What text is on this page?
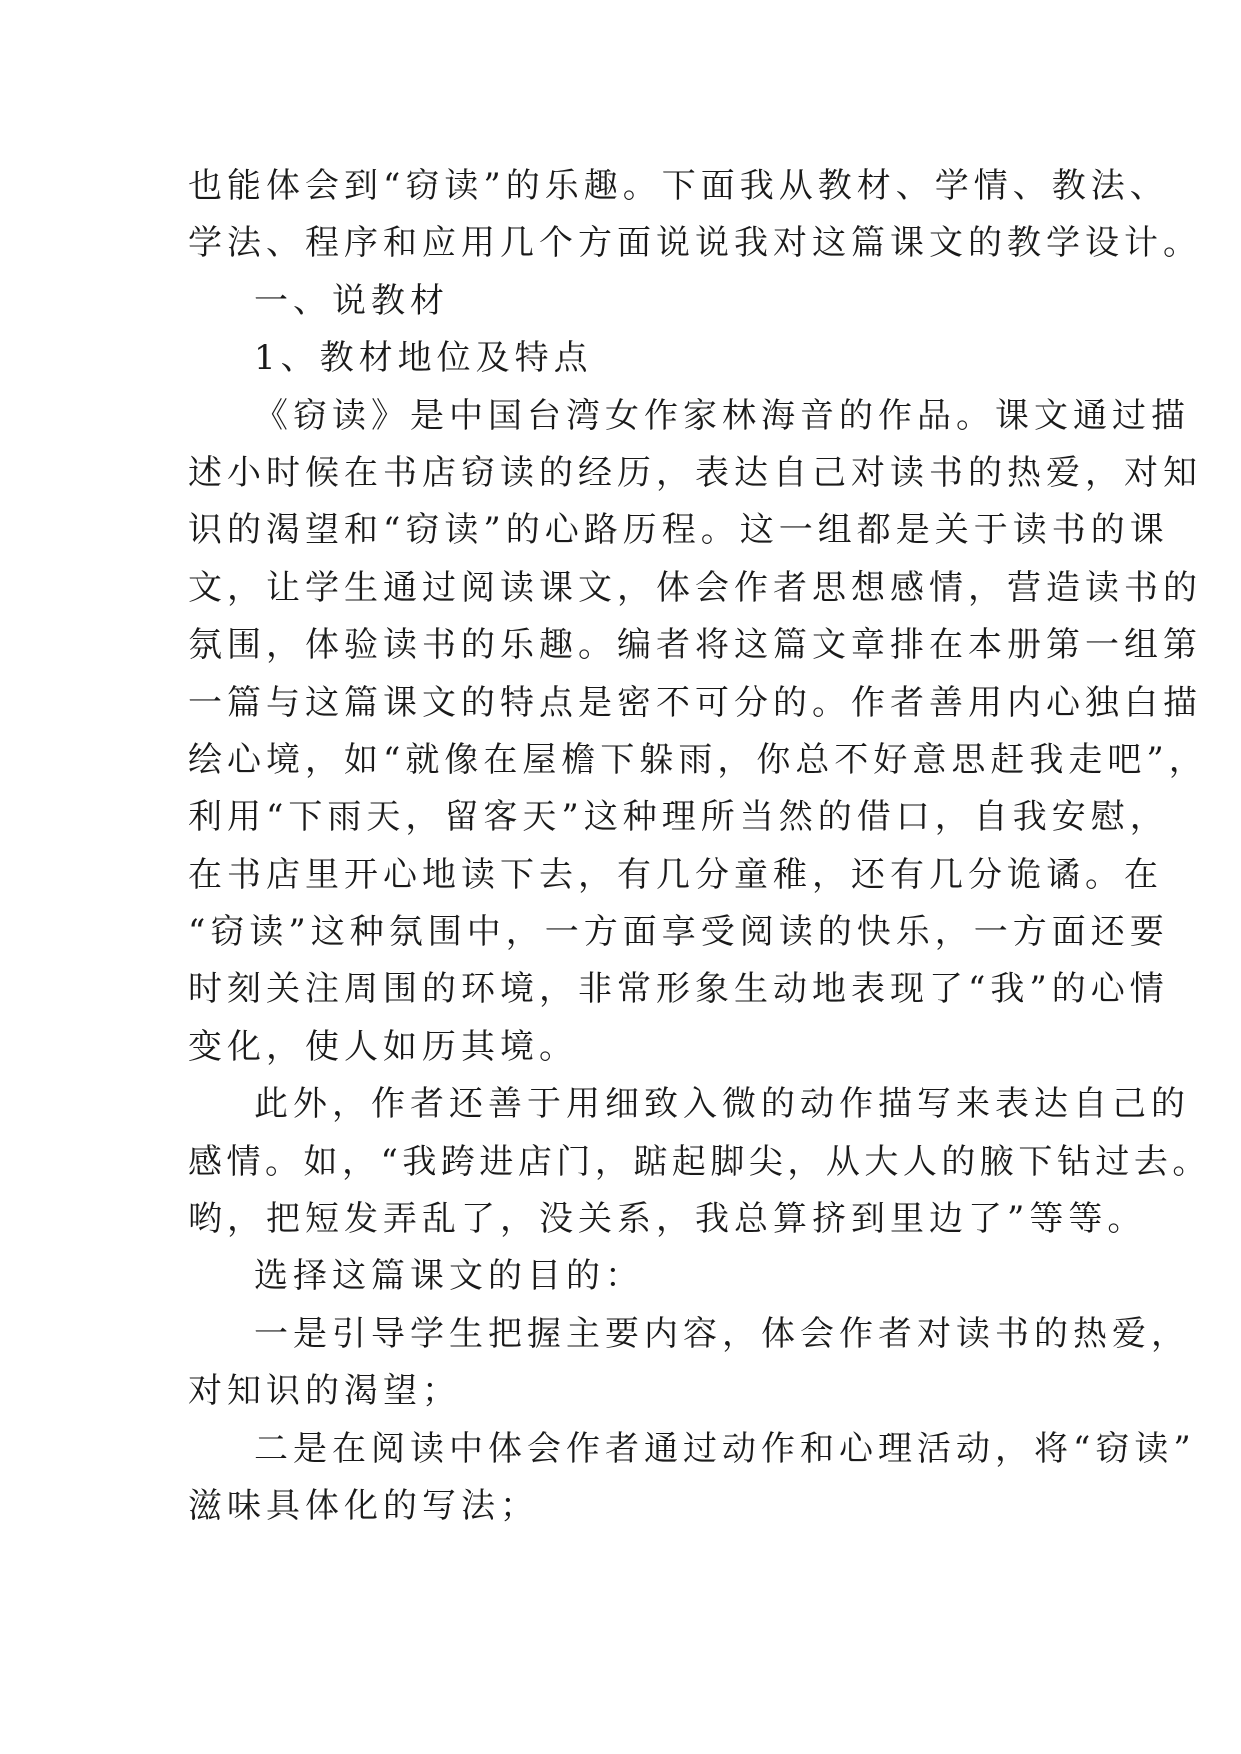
也能体会到“窃读”的乐趣。下面我从教材、学情、教法、
学法、程序和应用几个方面说说我对这篇课文的教学设计。
一、说教材
1、教材地位及特点
《窃读》是中国台湾女作家林海音的作品。课文通过描
述小时候在书店窃读的经历，表达自己对读书的热爱，对知
识的渴望和“窃读”的心路历程。这一组都是关于读书的课
文，让学生通过阅读课文，体会作者思想感情，营造读书的
氛围，体验读书的乐趣。编者将这篇文章排在本册第一组第
一篇与这篇课文的特点是密不可分的。作者善用内心独白描
绘心境，如“就像在屋檐下躲雨，你总不好意思赶我走吧”，
利用“下雨天，留客天”这种理所当然的借口，自我安慰，
在书店里开心地读下去，有几分童稚，还有几分诡谲。在
“窃读”这种氛围中，一方面享受阅读的快乐，一方面还要
时刻关注周围的环境，非常形象生动地表现了“我”的心情
变化，使人如历其境。
此外，作者还善于用细致入微的动作描写来表达自己的
感情。如，“我跨进店门，踮起脚尖，从大人的腋下钻过去。
哟，把短发弄乱了，没关系，我总算挤到里边了”等等。
选择这篇课文的目的：
一是引导学生把握主要内容，体会作者对读书的热爱，
对知识的渴望；
二是在阅读中体会作者通过动作和心理活动，将“窃读”
滋味具体化的写法；
